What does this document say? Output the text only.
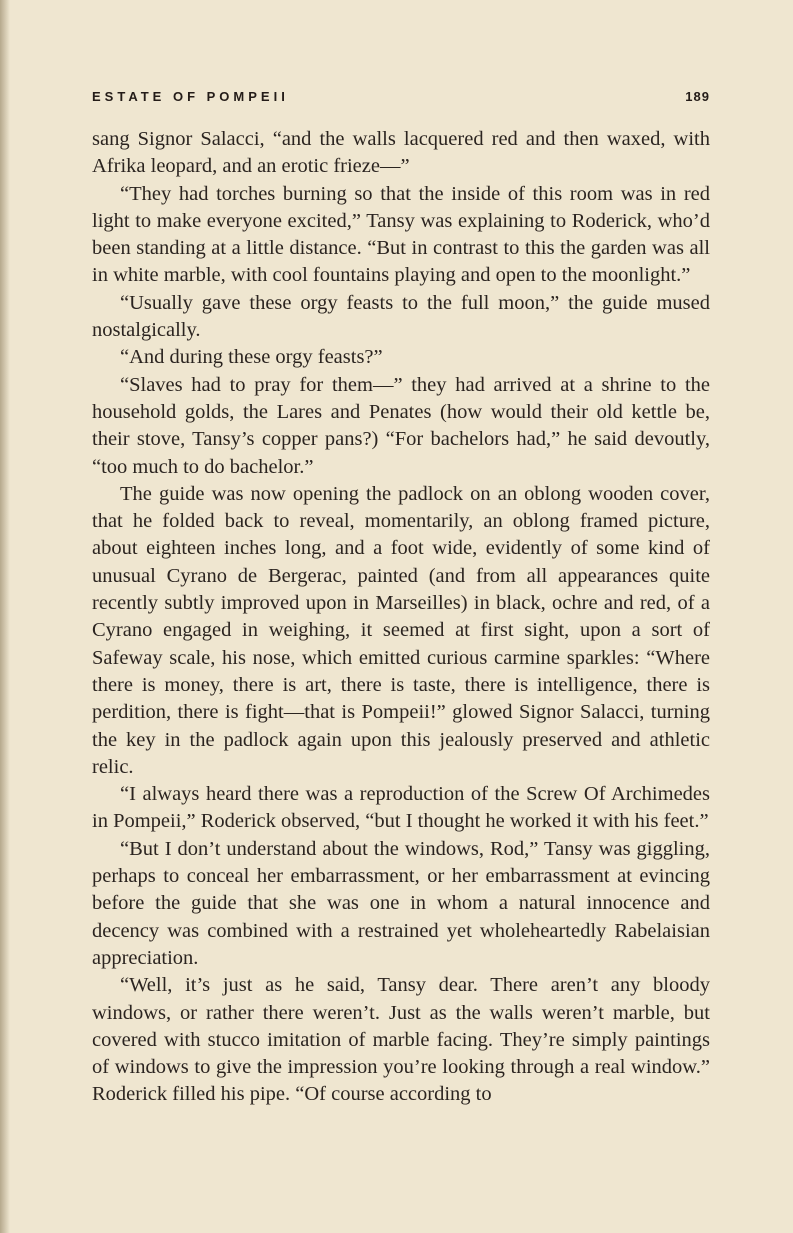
ESTATE OF POMPEII	189

sang Signor Salacci, “and the walls lacquered red and then waxed, with Afrika leopard, and an erotic frieze—”

“They had torches burning so that the inside of this room was in red light to make everyone excited,” Tansy was explaining to Roderick, who’d been standing at a little distance. “But in contrast to this the garden was all in white marble, with cool fountains playing and open to the moonlight.”

“Usually gave these orgy feasts to the full moon,” the guide mused nostalgically.

“And during these orgy feasts?”

“Slaves had to pray for them—” they had arrived at a shrine to the household golds, the Lares and Penates (how would their old kettle be, their stove, Tansy’s copper pans?) “For bachelors had,” he said devoutly, “too much to do bachelor.”

The guide was now opening the padlock on an oblong wooden cover, that he folded back to reveal, momentarily, an oblong framed picture, about eighteen inches long, and a foot wide, evidently of some kind of unusual Cyrano de Bergerac, painted (and from all appearances quite recently subtly improved upon in Marseilles) in black, ochre and red, of a Cyrano engaged in weighing, it seemed at first sight, upon a sort of Safeway scale, his nose, which emitted curious carmine sparkles: “Where there is money, there is art, there is taste, there is intelligence, there is perdition, there is fight—that is Pompeii!” glowed Signor Salacci, turning the key in the padlock again upon this jealously preserved and athletic relic.

“I always heard there was a reproduction of the Screw Of Archimedes in Pompeii,” Roderick observed, “but I thought he worked it with his feet.”

“But I don’t understand about the windows, Rod,” Tansy was giggling, perhaps to conceal her embarrassment, or her embarrassment at evincing before the guide that she was one in whom a natural innocence and decency was combined with a restrained yet wholeheartedly Rabelaisian appreciation.

“Well, it’s just as he said, Tansy dear. There aren’t any bloody windows, or rather there weren’t. Just as the walls weren’t marble, but covered with stucco imitation of marble facing. They’re simply paintings of windows to give the impression you’re looking through a real window.” Roderick filled his pipe. “Of course according to
